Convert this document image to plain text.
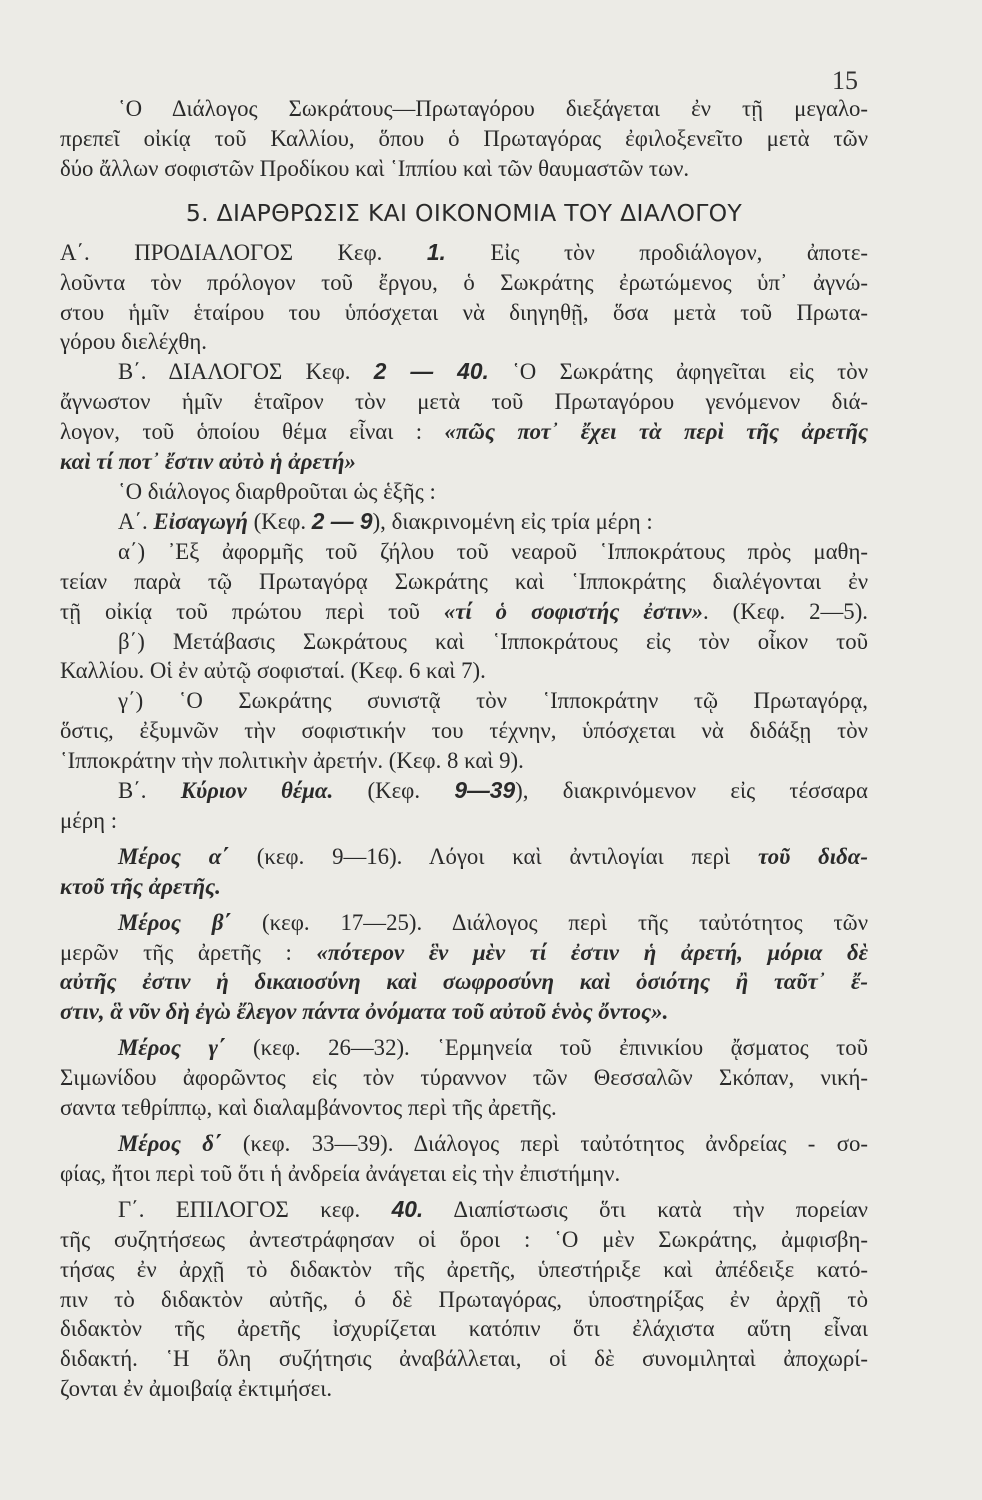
15

῾Ο Διάλογος Σωκράτους—Πρωταγόρου διεξάγεται ἐν τῇ μεγαλο-

πρεπεῖ οἰκίᾳ τοῦ Καλλίου, ὅπου ὁ Πρωταγόρας ἐφιλοξενεῖτο μετὰ τῶν

δύο ἄλλων σοφιστῶν Προδίκου καὶ ῾Ιππίου καὶ τῶν θαυμαστῶν των.

5. ΔΙΑΡΘΡΩΣΙΣ ΚΑΙ ΟΙΚΟΝΟΜΙΑ ΤΟΥ ΔΙΑΛΟΓΟΥ

Α΄. ΠΡΟΔΙΑΛΟΓΟΣ Κεφ. 1. Εἰς τὸν προδιάλογον, ἀποτε-

λοῦντα τὸν πρόλογον τοῦ ἔργου, ὁ Σωκράτης ἐρωτώμενος ὑπ᾽ ἀγνώ-

στου ἡμῖν ἑταίρου του ὑπόσχεται νὰ διηγηθῇ, ὅσα μετὰ τοῦ Πρωτα-

γόρου διελέχθη.

Β΄. ΔΙΑΛΟΓΟΣ Κεφ. 2 — 40. ῾Ο Σωκράτης ἀφηγεῖται εἰς τὸν

ἄγνωστον ἡμῖν ἑταῖρον τὸν μετὰ τοῦ Πρωταγόρου γενόμενον διά-

λογον, τοῦ ὁποίου θέμα εἶναι : «πῶς ποτ᾽ ἔχει τὰ περὶ τῆς ἀρετῆς

καὶ τί ποτ᾽ ἔστιν αὐτὸ ἡ ἀρετή»

῾Ο διάλογος διαρθροῦται ὡς ἑξῆς :

Α΄. Εἰσαγωγή (Κεφ. 2 — 9), διακρινομένη εἰς τρία μέρη :

α΄) ᾽Εξ ἀφορμῆς τοῦ ζήλου τοῦ νεαροῦ ῾Ιπποκράτους πρὸς μαθη-

τείαν παρὰ τῷ Πρωταγόρᾳ Σωκράτης καὶ ῾Ιπποκράτης διαλέγονται ἐν

τῇ οἰκίᾳ τοῦ πρώτου περὶ τοῦ «τί ὁ σοφιστής ἐστιν». (Κεφ. 2—5).

β΄) Μετάβασις Σωκράτους καὶ ῾Ιπποκράτους εἰς τὸν οἶκον τοῦ

Καλλίου. Οἱ ἐν αὐτῷ σοφισταί. (Κεφ. 6 καὶ 7).

γ΄) ῾Ο Σωκράτης συνιστᾷ τὸν ῾Ιπποκράτην τῷ Πρωταγόρᾳ,

ὅστις, ἐξυμνῶν τὴν σοφιστικήν του τέχνην, ὑπόσχεται νὰ διδάξῃ τὸν

῾Ιπποκράτην τὴν πολιτικὴν ἀρετήν. (Κεφ. 8 καὶ 9).

Β΄. Κύριον θέμα. (Κεφ. 9—39), διακρινόμενον εἰς τέσσαρα

μέρη :

Μέρος α΄ (κεφ. 9—16). Λόγοι καὶ ἀντιλογίαι περὶ τοῦ διδα-

κτοῦ τῆς ἀρετῆς.

Μέρος β΄ (κεφ. 17—25). Διάλογος περὶ τῆς ταὐτότητος τῶν

μερῶν τῆς ἀρετῆς : «πότερον ἓν μὲν τί ἐστιν ἡ ἀρετή, μόρια δὲ

αὐτῆς ἐστιν ἡ δικαιοσύνη καὶ σωφροσύνη καὶ ὁσιότης ἢ ταῦτ᾽ ἔ-

στιν, ἃ νῦν δὴ ἐγὼ ἔλεγον πάντα ὀνόματα τοῦ αὐτοῦ ἑνὸς ὄντος».

Μέρος γ΄ (κεφ. 26—32). ῾Ερμηνεία τοῦ ἐπινικίου ᾄσματος τοῦ

Σιμωνίδου ἀφορῶντος εἰς τὸν τύραννον τῶν Θεσσαλῶν Σκόπαν, νική-

σαντα τεθρίππῳ, καὶ διαλαμβάνοντος περὶ τῆς ἀρετῆς.

Μέρος δ΄ (κεφ. 33—39). Διάλογος περὶ ταὐτότητος ἀνδρείας - σο-

φίας, ἤτοι περὶ τοῦ ὅτι ἡ ἀνδρεία ἀνάγεται εἰς τὴν ἐπιστήμην.

Γ΄. ΕΠΙΛΟΓΟΣ κεφ. 40. Διαπίστωσις ὅτι κατὰ τὴν πορείαν

τῆς συζητήσεως ἀντεστράφησαν οἱ ὅροι : ῾Ο μὲν Σωκράτης, ἀμφισβη-

τήσας ἐν ἀρχῇ τὸ διδακτὸν τῆς ἀρετῆς, ὑπεστήριξε καὶ ἀπέδειξε κατό-

πιν τὸ διδακτὸν αὐτῆς, ὁ δὲ Πρωταγόρας, ὑποστηρίξας ἐν ἀρχῇ τὸ

διδακτὸν τῆς ἀρετῆς ἰσχυρίζεται κατόπιν ὅτι ἐλάχιστα αὕτη εἶναι

διδακτή. ῾Η ὅλη συζήτησις ἀναβάλλεται, οἱ δὲ συνομιληταὶ ἀποχωρί-

ζονται ἐν ἀμοιβαίᾳ ἐκτιμήσει.
